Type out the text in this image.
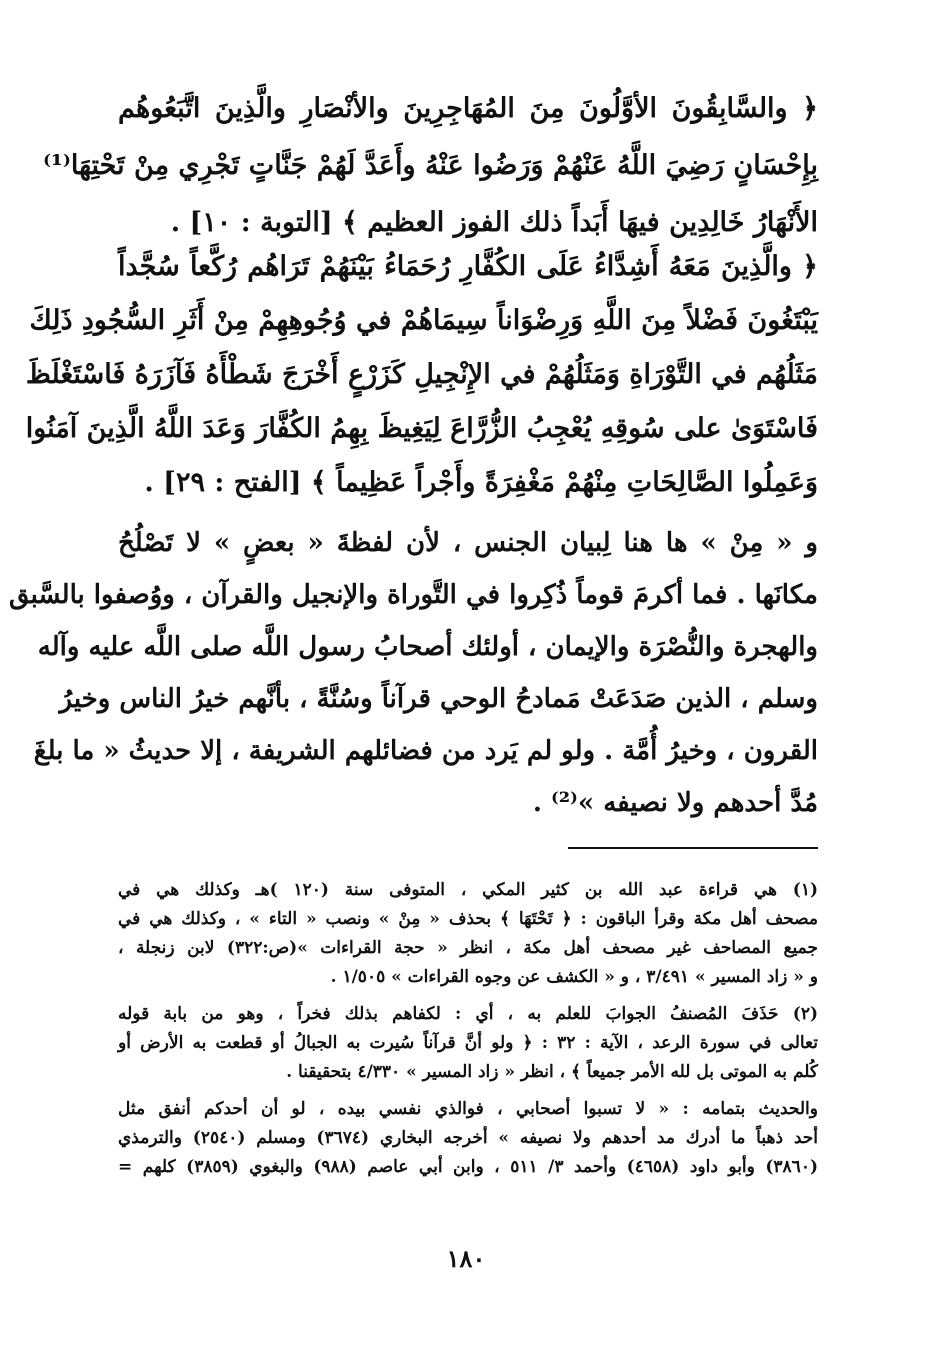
﴿ والسَّابِقُونَ الأوَّلُونَ مِنَ المُهَاجِرِينَ والأنْصَارِ والَّذِينَ اتَّبَعُوهُم
بِإِحْسَانٍ رَضِيَ اللَّهُ عَنْهُمْ وَرَضُوا عَنْهُ وأَعَدَّ لَهُمْ جَنَّاتٍ تَجْرِي مِنْ تَحْتِهَا⁽¹⁾
الأَنْهَارُ خَالِدِين فيهَا أَبَداً ذلك الفوز العظيم ﴾ [التوبة : ١٠] .
﴿ والَّذِينَ مَعَهُ أَشِدَّاءُ عَلَى الكُفَّارِ رُحَمَاءُ بَيْنَهُمْ تَرَاهُم رُكَّعاً سُجَّداً
يَبْتَغُونَ فَضْلاً مِنَ اللَّهِ وَرِضْوَاناً سِيمَاهُمْ في وُجُوهِهِمْ مِنْ أَثَرِ السُّجُودِ ذَلِكَ
مَثَلُهُم في التَّوْرَاةِ وَمَثَلُهُمْ في الإِنْجِيلِ كَزَرْعٍ أَخْرَجَ شَطْأَهُ فَآزَرَهُ فَاسْتَغْلَظَ
فَاسْتَوَىٰ على سُوقِهِ يُعْجِبُ الزُّرَّاعَ لِيَغِيظَ بِهِمُ الكُفَّارَ وَعَدَ اللَّهُ الَّذِينَ آمَنُوا
وَعَمِلُوا الصَّالِحَاتِ مِنْهُمْ مَغْفِرَةً وأَجْراً عَظِيماً ﴾ [الفتح : ٢٩] .
و « مِنْ » ها هنا لِبيان الجنس ، لأن لفظةَ « بعضٍ » لا تَصْلُحُ
مكانَها . فما أكرمَ قوماً ذُكِروا في التَّوراة والإنجيل والقرآن ، ووُصفوا بالسَّبق
والهجرة والنُّصْرَة والإيمان ، أولئك أصحابُ رسول اللَّه صلى اللَّه عليه وآله
وسلم ، الذين صَدَعَتْ مَمادحُ الوحي قرآناً وسُنَّةً ، بأنَّهم خيرُ الناس وخيرُ
القرون ، وخيرُ أُمَّة . ولو لم يَرد من فضائلهم الشريفة ، إلا حديثُ « ما بلغَ
مُدَّ أحدهم ولا نصيفه »⁽²⁾ .
(١) هي قراءة عبد الله بن كثير المكي ، المتوفى سنة (١٢٠ )هـ وكذلك هي في
مصحف أهل مكة وقرأ الباقون : ﴿ تَحْتَهَا ﴾ بحذف « مِنْ » ونصب « التاء » ، وكذلك هي في
جميع المصاحف غير مصحف أهل مكة ، انظر « حجة القراءات »(ص:٣٢٢) لابن زنجلة ،
و « زاد المسير » ٣/٤٩١ ، و « الكشف عن وجوه القراءات » ١/٥٠٥ .
(٢) حَذَفَ المُصنفُ الجوابَ للعلم به ، أي : لكفاهم بذلك فخراً ، وهو من بابة قوله
تعالى في سورة الرعد ، الآية : ٣٢ : ﴿ ولو أنَّ قرآناً سُيرت به الجبالُ أو قطعت به الأرض أو
كُلم به الموتى بل لله الأمر جميعاً ﴾ ، انظر « زاد المسير » ٤/٣٣٠ بتحقيقنا .
والحديث بتمامه : « لا تسبوا أصحابي ، فوالذي نفسي بيده ، لو أن أحدكم أنفق مثل
أحد ذهباً ما أدرك مد أحدهم ولا نصيفه » أخرجه البخاري (٣٦٧٤) ومسلم (٢٥٤٠) والترمذي
(٣٨٦٠) وأبو داود (٤٦٥٨) وأحمد ٣/ ٥١١ ، وابن أبي عاصم (٩٨٨) والبغوي (٣٨٥٩) كلهم =
١٨٠
